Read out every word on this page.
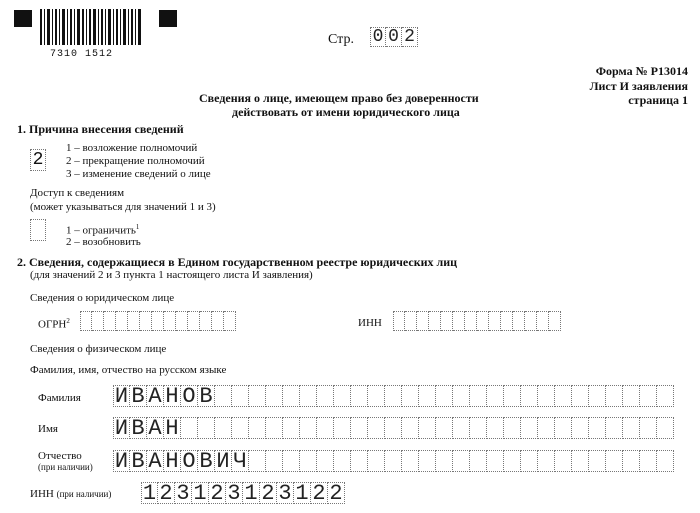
7310 1512
Стр. 0 0 2
Форма № Р13014
Лист И заявления
страница 1
Сведения о лице, имеющем право без доверенности
действовать от имени юридического лица
1. Причина внесения сведений
2
1 – возложение полномочий
2 – прекращение полномочий
3 – изменение сведений о лице
Доступ к сведениям
(может указываться для значений 1 и 3)
1 – ограничить$^1$
2 – возобновить
2. Сведения, содержащиеся в Едином государственном реестре юридических лиц
(для значений 2 и 3 пункта 1 настоящего листа И заявления)
Сведения о юридическом лице
ОГРН$^2$	ИНН
Сведения о физическом лице
Фамилия, имя, отчество на русском языке
Фамилия И В А Н О В
Имя	И В А Н
Отчество
(при наличии) И В А Н О В И Ч
ИНН (при наличии) 1 2 3 1 2 3 1 2 3 1 2 2
